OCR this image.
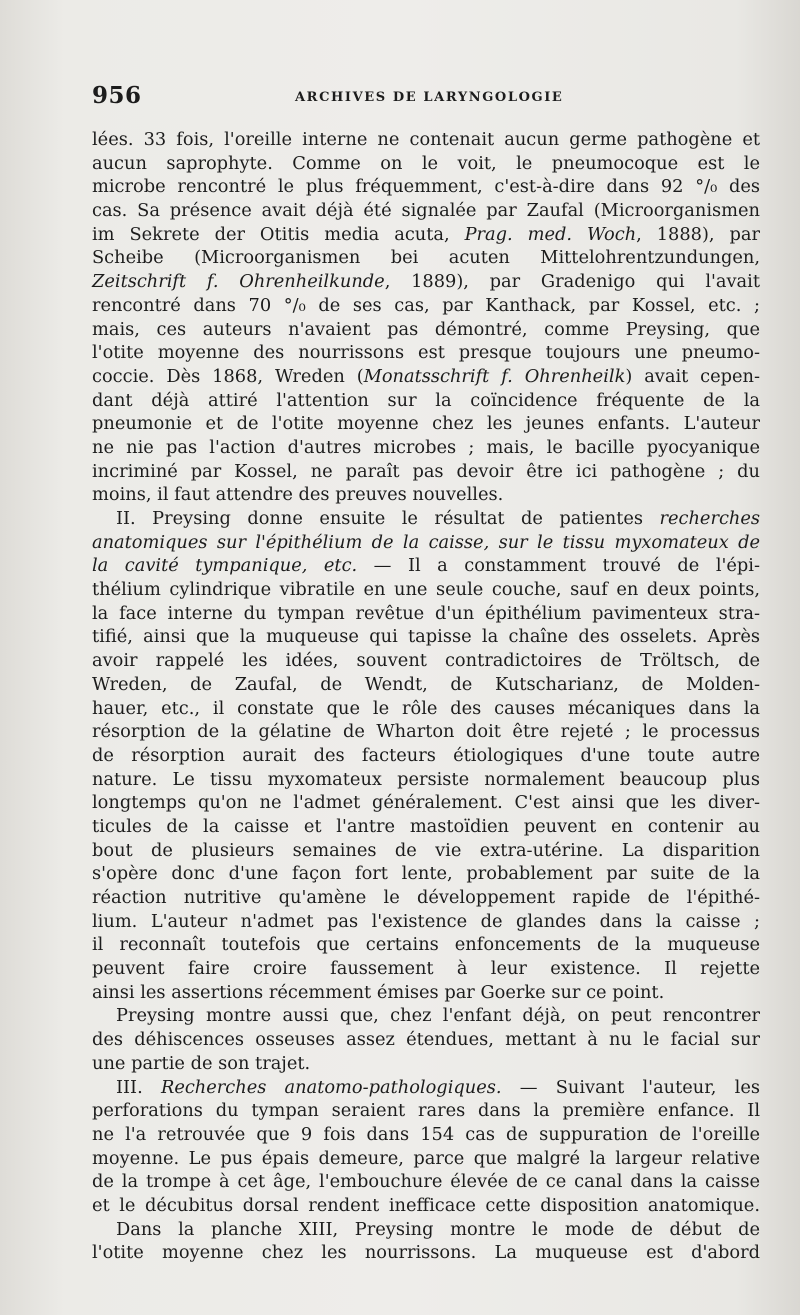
956	ARCHIVES DE LARYNGOLOGIE
lées. 33 fois, l'oreille interne ne contenait aucun germe pathogène et
aucun saprophyte. Comme on le voit, le pneumocoque est le
microbe rencontré le plus fréquemment, c'est-à-dire dans 92 °/₀ des
cas. Sa présence avait déjà été signalée par Zaufal (Microorganismen
im Sekrete der Otitis media acuta, Prag. med. Woch, 1888), par
Scheibe (Microorganismen bei acuten Mittelohrentzundungen,
Zeitschrift f. Ohrenheilkunde, 1889), par Gradenigo qui l'avait
rencontré dans 70 °/₀ de ses cas, par Kanthack, par Kossel, etc. ;
mais, ces auteurs n'avaient pas démontré, comme Preysing, que
l'otite moyenne des nourrissons est presque toujours une pneumo-
coccie. Dès 1868, Wreden (Monatsschrift f. Ohrenheilk) avait cepen-
dant déjà attiré l'attention sur la coïncidence fréquente de la
pneumonie et de l'otite moyenne chez les jeunes enfants. L'auteur
ne nie pas l'action d'autres microbes ; mais, le bacille pyocyanique
incriminé par Kossel, ne paraît pas devoir être ici pathogène ; du
moins, il faut attendre des preuves nouvelles.
II. Preysing donne ensuite le résultat de patientes recherches
anatomiques sur l'épithélium de la caisse, sur le tissu myxomateux de
la cavité tympanique, etc. — Il a constamment trouvé de l'épi-
thélium cylindrique vibratile en une seule couche, sauf en deux points,
la face interne du tympan revêtue d'un épithélium pavimenteux stra-
tifié, ainsi que la muqueuse qui tapisse la chaîne des osselets. Après
avoir rappelé les idées, souvent contradictoires de Tröltsch, de
Wreden, de Zaufal, de Wendt, de Kutscharianz, de Molden-
hauer, etc., il constate que le rôle des causes mécaniques dans la
résorption de la gélatine de Wharton doit être rejeté ; le processus
de résorption aurait des facteurs étiologiques d'une toute autre
nature. Le tissu myxomateux persiste normalement beaucoup plus
longtemps qu'on ne l'admet généralement. C'est ainsi que les diver-
ticules de la caisse et l'antre mastoïdien peuvent en contenir au
bout de plusieurs semaines de vie extra-utérine. La disparition
s'opère donc d'une façon fort lente, probablement par suite de la
réaction nutritive qu'amène le développement rapide de l'épithé-
lium. L'auteur n'admet pas l'existence de glandes dans la caisse ;
il reconnaît toutefois que certains enfoncements de la muqueuse
peuvent faire croire faussement à leur existence. Il rejette
ainsi les assertions récemment émises par Goerke sur ce point.
Preysing montre aussi que, chez l'enfant déjà, on peut rencontrer
des déhiscences osseuses assez étendues, mettant à nu le facial sur
une partie de son trajet.
III. Recherches anatomo-pathologiques. — Suivant l'auteur, les
perforations du tympan seraient rares dans la première enfance. Il
ne l'a retrouvée que 9 fois dans 154 cas de suppuration de l'oreille
moyenne. Le pus épais demeure, parce que malgré la largeur relative
de la trompe à cet âge, l'embouchure élevée de ce canal dans la caisse
et le décubitus dorsal rendent inefficace cette disposition anatomique.
Dans la planche XIII, Preysing montre le mode de début de
l'otite moyenne chez les nourrissons. La muqueuse est d'abord
